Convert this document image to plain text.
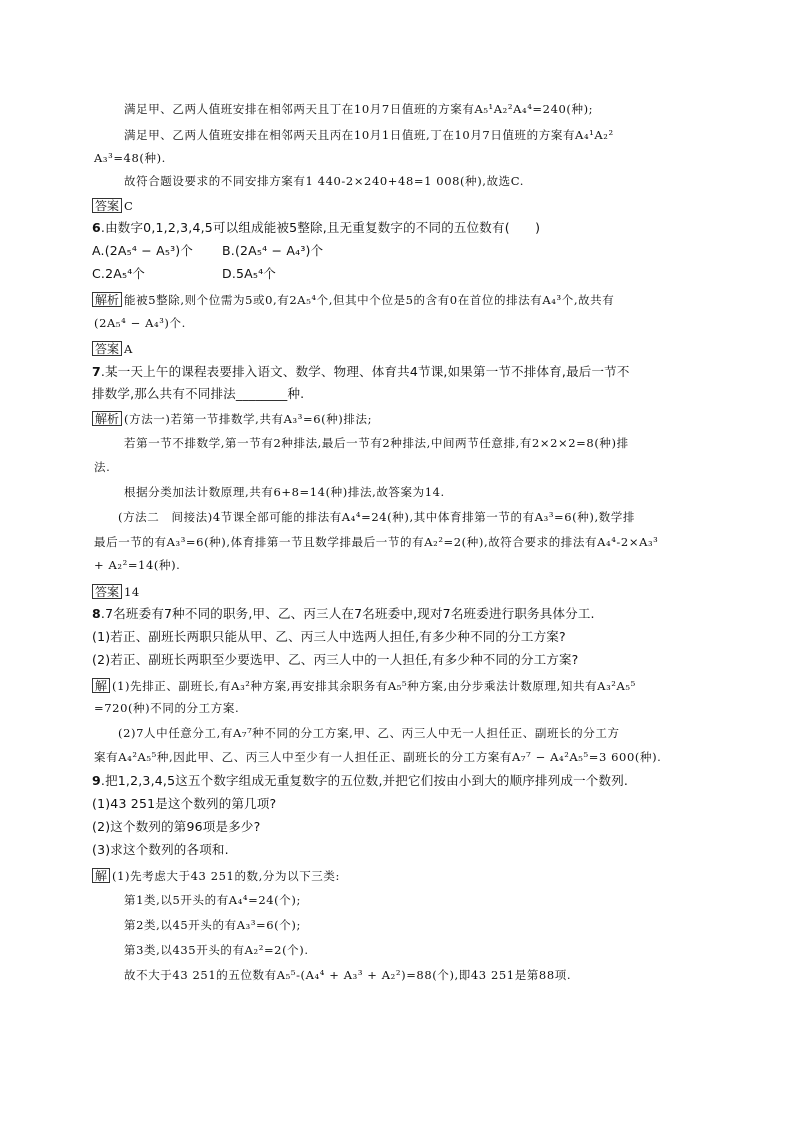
满足甲、乙两人值班安排在相邻两天且丁在10月7日值班的方案有A₅¹A₂²A₄⁴=240(种);
满足甲、乙两人值班安排在相邻两天且丙在10月1日值班,丁在10月7日值班的方案有A₄¹A₂²
A₃³=48(种).
故符合题设要求的不同安排方案有1 440-2×240+48=1 008(种),故选C.
答案 C
6.由数字0,1,2,3,4,5可以组成能被5整除,且无重复数字的不同的五位数有(　　)
A.(2A₅⁴ − A₅³)个 B.(2A₅⁴ − A₄³)个
C.2A₅⁴个	D.5A₅⁴个
解析 能被5整除,则个位需为5或0,有2A₅⁴个,但其中个位是5的含有0在首位的排法有A₄³个,故共有
(2A₅⁴ − A₄³)个.
答案 A
7.某一天上午的课程表要排入语文、数学、物理、体育共4节课,如果第一节不排体育,最后一节不
排数学,那么共有不同排法________种.
解析 (方法一)若第一节排数学,共有A₃³=6(种)排法;
若第一节不排数学,第一节有2种排法,最后一节有2种排法,中间两节任意排,有2×2×2=8(种)排
法.
根据分类加法计数原理,共有6+8=14(种)排法,故答案为14.
(方法二　间接法)4节课全部可能的排法有A₄⁴=24(种),其中体育排第一节的有A₃³=6(种),数学排
最后一节的有A₃³=6(种),体育排第一节且数学排最后一节的有A₂²=2(种),故符合要求的排法有A₄⁴-2×A₃³
+ A₂²=14(种).
答案 14
8.7名班委有7种不同的职务,甲、乙、丙三人在7名班委中,现对7名班委进行职务具体分工.
(1)若正、副班长两职只能从甲、乙、丙三人中选两人担任,有多少种不同的分工方案?
(2)若正、副班长两职至少要选甲、乙、丙三人中的一人担任,有多少种不同的分工方案?
解 (1)先排正、副班长,有A₃²种方案,再安排其余职务有A₅⁵种方案,由分步乘法计数原理,知共有A₃²A₅⁵
=720(种)不同的分工方案.
(2)7人中任意分工,有A₇⁷种不同的分工方案,甲、乙、丙三人中无一人担任正、副班长的分工方
案有A₄²A₅⁵种,因此甲、乙、丙三人中至少有一人担任正、副班长的分工方案有A₇⁷ − A₄²A₅⁵=3 600(种).
9.把1,2,3,4,5这五个数字组成无重复数字的五位数,并把它们按由小到大的顺序排列成一个数列.
(1)43 251是这个数列的第几项?
(2)这个数列的第96项是多少?
(3)求这个数列的各项和.
解 (1)先考虑大于43 251的数,分为以下三类:
第1类,以5开头的有A₄⁴=24(个);
第2类,以45开头的有A₃³=6(个);
第3类,以435开头的有A₂²=2(个).
故不大于43 251的五位数有A₅⁵-(A₄⁴ + A₃³ + A₂²)=88(个),即43 251是第88项.
